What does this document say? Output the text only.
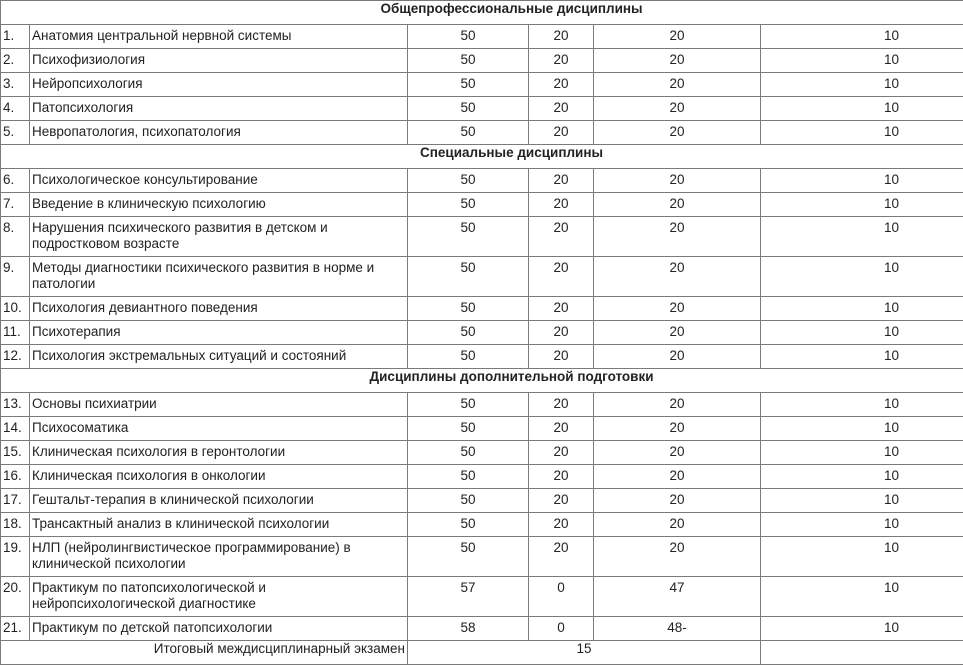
Общепрофессиональные дисциплины					
1.	Анатомия центральной нервной системы	50	20	20	10
2.	Психофизиология	50	20	20	10
3.	Нейропсихология	50	20	20	10
4.	Патопсихология	50	20	20	10
5.	Невропатология, психопатология	50	20	20	10
Специальные дисциплины					
6.	Психологическое консультирование	50	20	20	10
7.	Введение в клиническую психологию	50	20	20	10
8.	Нарушения психического развития в детском и подростковом возрасте	50	20	20	10
9.	Методы диагностики психического развития в норме и патологии	50	20	20	10
10.	Психология девиантного поведения	50	20	20	10
11.	Психотерапия	50	20	20	10
12.	Психология экстремальных ситуаций и состояний	50	20	20	10
Дисциплины дополнительной подготовки					
13.	Основы психиатрии	50	20	20	10
14.	Психосоматика	50	20	20	10
15.	Клиническая психология в геронтологии	50	20	20	10
16.	Клиническая психология в онкологии	50	20	20	10
17.	Гештальт-терапия в клинической психологии	50	20	20	10
18.	Трансактный анализ в клинической психологии	50	20	20	10
19.	НЛП (нейролингвистическое программирование) в клинической психологии	50	20	20	10
20.	Практикум по патопсихологической и нейропсихологической диагностике	57	0	47	10
21.	Практикум по детской патопсихологии	58	0	48-	10
Итоговый междисциплинарный экзамен		15			
